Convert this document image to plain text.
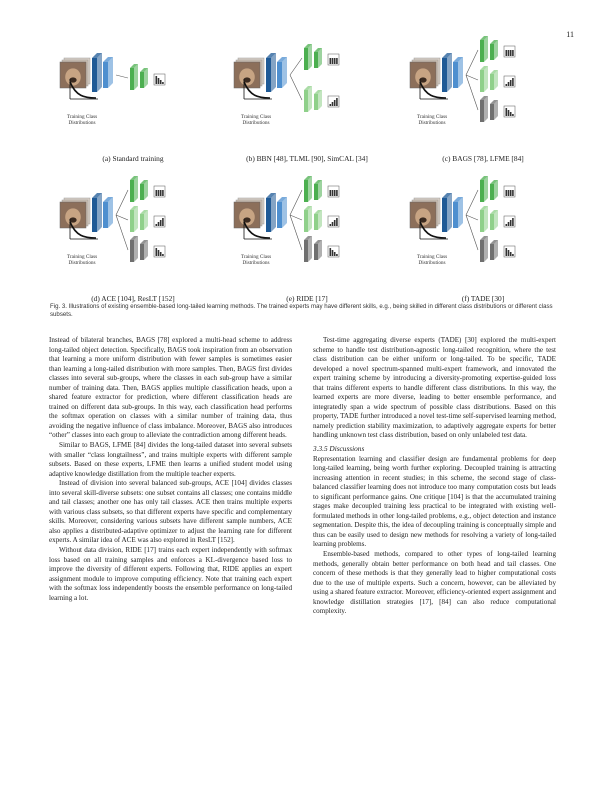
11
Training Class
Distributions
(a) Standard training
Training Class
Distributions
(b) BBN [48], TLML [90], SimCAL [34]
Training Class
Distributions
(c) BAGS [78], LFME [84]
Training Class
Distributions
(d) ACE [104], ResLT [152]
Training Class
Distributions
(e) RIDE [17]
Training Class
Distributions
(f) TADE [30]
Fig. 3. Illustrations of existing ensemble-based long-tailed learning methods. The trained experts may have different skills, e.g., being skilled in different class distributions or different class subsets.

Instead of bilateral branches, BAGS [78] explored a multi-head scheme to address long-tailed object detection. Specifically, BAGS took inspiration from an observation that learning a more uniform distribution with fewer samples is sometimes easier than learning a long-tailed distribution with more samples. Then, BAGS first divides classes into several sub-groups, where the classes in each sub-group have a similar number of training data. Then, BAGS applies multiple classification heads, upon a shared feature extractor for prediction, where different classification heads are trained on different data sub-groups. In this way, each classification head performs the softmax operation on classes with a similar number of training data, thus avoiding the negative influence of class imbalance. Moreover, BAGS also introduces “other” classes into each group to alleviate the contradiction among different heads.

Similar to BAGS, LFME [84] divides the long-tailed dataset into several subsets with smaller “class longtailness”, and trains multiple experts with different sample subsets. Based on these experts, LFME then learns a unified student model using adaptive knowledge distillation from the multiple teacher experts.

Instead of division into several balanced sub-groups, ACE [104] divides classes into several skill-diverse subsets: one subset contains all classes; one contains middle and tail classes; another one has only tail classes. ACE then trains multiple experts with various class subsets, so that different experts have specific and complementary skills. Moreover, considering various subsets have different sample numbers, ACE also applies a distributed-adaptive optimizer to adjust the learning rate for different experts. A similar idea of ACE was also explored in ResLT [152].

Without data division, RIDE [17] trains each expert independently with softmax loss based on all training samples and enforces a KL-divergence based loss to improve the diversity of different experts. Following that, RIDE applies an expert assignment module to improve computing efficiency. Note that training each expert with the softmax loss independently boosts the ensemble performance on long-tailed learning a lot.

Test-time aggregating diverse experts (TADE) [30] explored the multi-expert scheme to handle test distribution-agnostic long-tailed recognition, where the test class distribution can be either uniform or long-tailed. To be specific, TADE developed a novel spectrum-spanned multi-expert framework, and innovated the expert training scheme by introducing a diversity-promoting expertise-guided loss that trains different experts to handle different class distributions. In this way, the learned experts are more diverse, leading to better ensemble performance, and integratedly span a wide spectrum of possible class distributions. Based on this property, TADE further introduced a novel test-time self-supervised learning method, namely prediction stability maximization, to adaptively aggregate experts for better handling unknown test class distribution, based on only unlabeled test data.

3.3.5 Discussions

Representation learning and classifier design are fundamental problems for deep long-tailed learning, being worth further exploring. Decoupled training is attracting increasing attention in recent studies; in this scheme, the second stage of class-balanced classifier learning does not introduce too many computation costs but leads to significant performance gains. One critique [104] is that the accumulated training stages make decoupled training less practical to be integrated with existing well-formulated methods in other long-tailed problems, e.g., object detection and instance segmentation. Despite this, the idea of decoupling training is conceptually simple and thus can be easily used to design new methods for resolving a variety of long-tailed learning problems.

Ensemble-based methods, compared to other types of long-tailed learning methods, generally obtain better performance on both head and tail classes. One concern of these methods is that they generally lead to higher computational costs due to the use of multiple experts. Such a concern, however, can be alleviated by using a shared feature extractor. Moreover, efficiency-oriented expert assignment and knowledge distillation strategies [17], [84] can also reduce computational complexity.
